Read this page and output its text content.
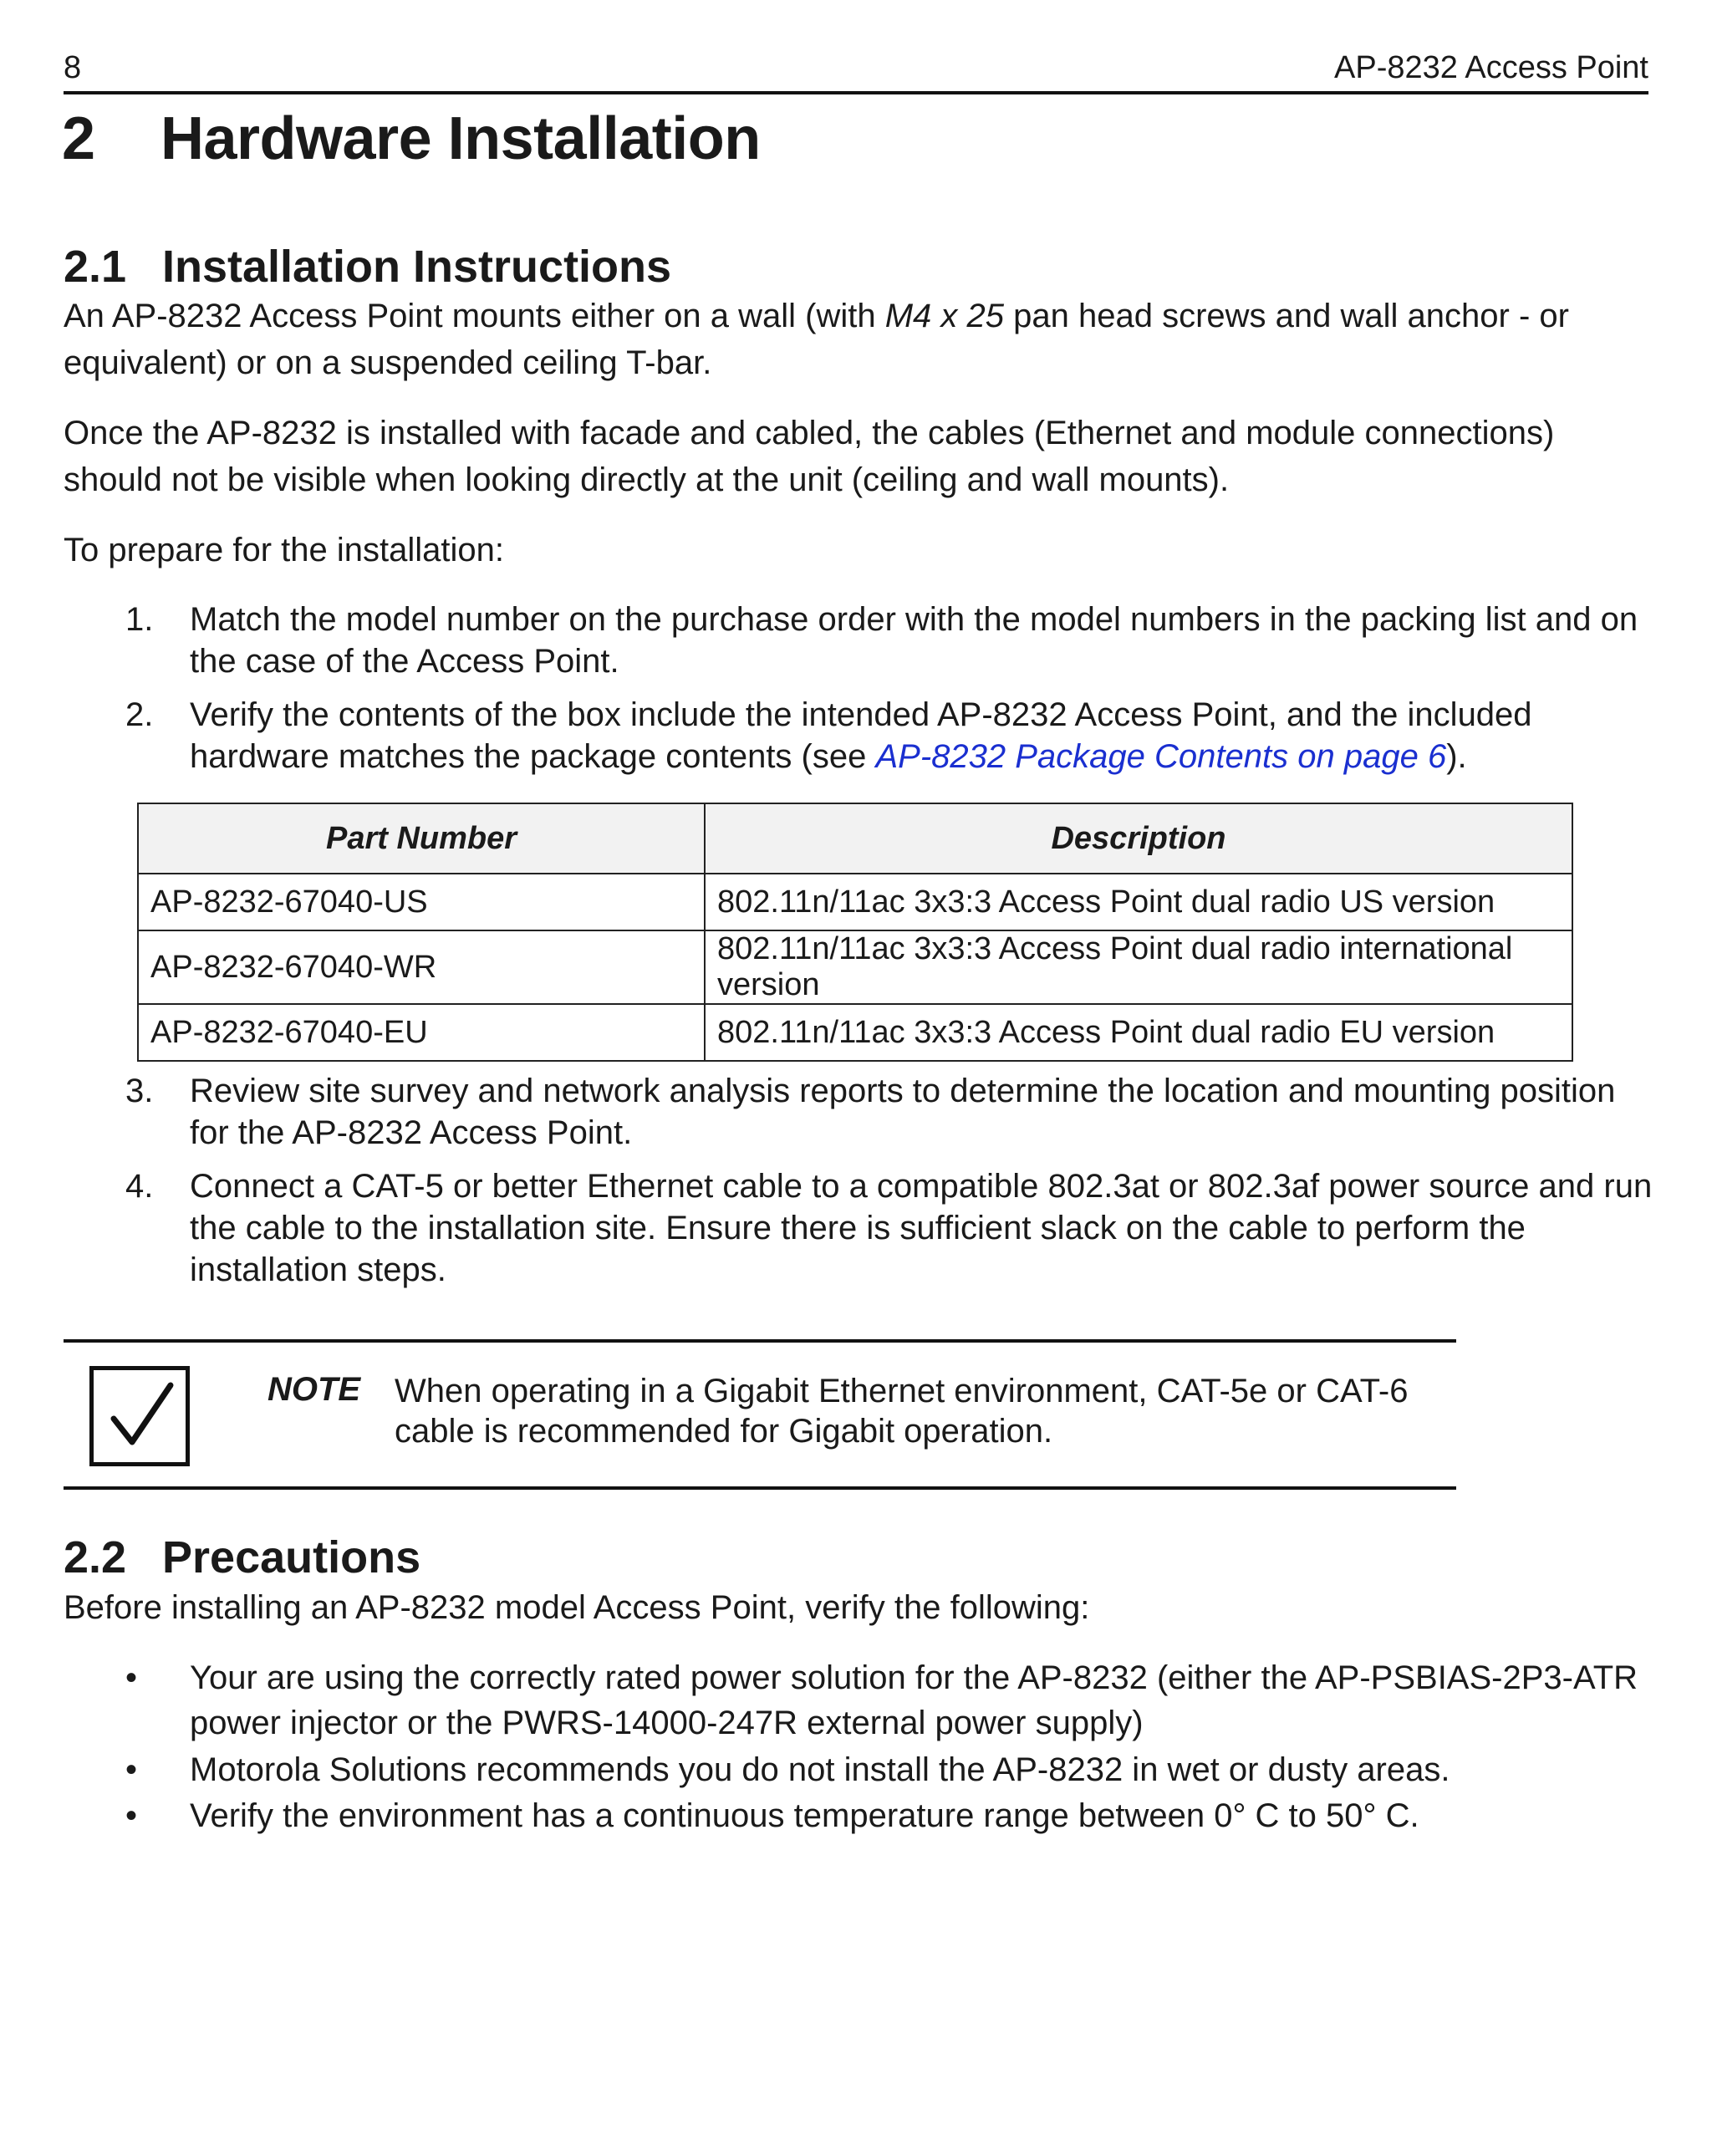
8	AP-8232 Access Point
2 Hardware Installation
2.1 Installation Instructions
An AP-8232 Access Point mounts either on a wall (with M4 x 25 pan head screws and wall anchor - or equivalent) or on a suspended ceiling T-bar.
Once the AP-8232 is installed with facade and cabled, the cables (Ethernet and module connections) should not be visible when looking directly at the unit (ceiling and wall mounts).
To prepare for the installation:
1.	Match the model number on the purchase order with the model numbers in the packing list and on the case of the Access Point.
2.	Verify the contents of the box include the intended AP-8232 Access Point, and the included hardware matches the package contents (see AP-8232 Package Contents on page 6).
Part Number	Description
AP-8232-67040-US	802.11n/11ac 3x3:3 Access Point dual radio US version
AP-8232-67040-WR	802.11n/11ac 3x3:3 Access Point dual radio international version
AP-8232-67040-EU	802.11n/11ac 3x3:3 Access Point dual radio EU version
3.	Review site survey and network analysis reports to determine the location and mounting position for the AP-8232 Access Point.
4.	Connect a CAT-5 or better Ethernet cable to a compatible 802.3at or 802.3af power source and run the cable to the installation site. Ensure there is sufficient slack on the cable to perform the installation steps.
NOTE When operating in a Gigabit Ethernet environment, CAT-5e or CAT-6 cable is recommended for Gigabit operation.
2.2 Precautions
Before installing an AP-8232 model Access Point, verify the following:
•	Your are using the correctly rated power solution for the AP-8232 (either the AP-PSBIAS-2P3-ATR power injector or the PWRS-14000-247R external power supply)
•	Motorola Solutions recommends you do not install the AP-8232 in wet or dusty areas.
•	Verify the environment has a continuous temperature range between 0° C to 50° C.
